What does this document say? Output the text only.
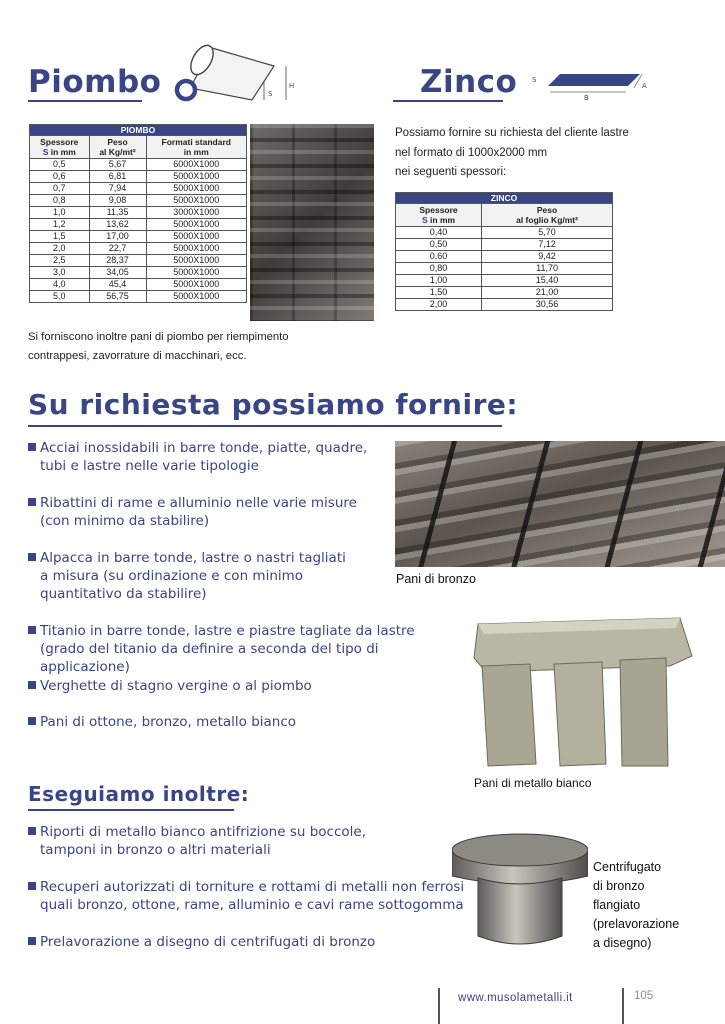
Piombo	S
H	Zinco S
B
A
PIOMBO		
Spessore
S in mm	Peso
al Kg/mt²	Formati standard
in mm
0,5	5,67	6000X1000
0,6	6,81	5000X1000
0,7	7,94	5000X1000
0,8	9,08	5000X1000
1,0	11,35	3000X1000
1,2	13,62	5000X1000
1,5	17,00	5000X1000
2,0	22,7	5000X1000
2,5	28,37	5000X1000
3,0	34,05	5000X1000
4,0	45,4	5000X1000
5,0	56,75	5000X1000
Si forniscono inoltre pani di piombo per riempimento
contrappesi, zavorrature di macchinari, ecc.
Possiamo fornire su richiesta del cliente lastre
nel formato di 1000x2000 mm
nei seguenti spessori:
ZINCO	
Spessore
S in mm	Peso
al foglio Kg/mt²
0,40	5,70
0,50	7,12
0,60	9,42
0,80	11,70
1,00	15,40
1,50	21,00
2,00	30,56
Su richiesta possiamo fornire:
Acciai inossidabili in barre tonde, piatte, quadre,
tubi e lastre nelle varie tipologie
Ribattini di rame e alluminio nelle varie misure
(con minimo da stabilire)
Alpacca in barre tonde, lastre o nastri tagliati
a misura (su ordinazione e con minimo
quantitativo da stabilire)
Titanio in barre tonde, lastre e piastre tagliate da lastre
(grado del titanio da definire a seconda del tipo di applicazione)
Verghette di stagno vergine o al piombo
Pani di ottone, bronzo, metallo bianco
Pani di bronzo
Pani di metallo bianco
Eseguiamo inoltre:
Riporti di metallo bianco antifrizione su boccole,
tamponi in bronzo o altri materiali
Recuperi autorizzati di torniture e rottami di metalli non ferrosi
quali bronzo, ottone, rame, alluminio e cavi rame sottogomma
Prelavorazione a disegno di centrifugati di bronzo
Centrifugato
di bronzo
flangiato
(prelavorazione
a disegno)
www.musolametalli.it	105
